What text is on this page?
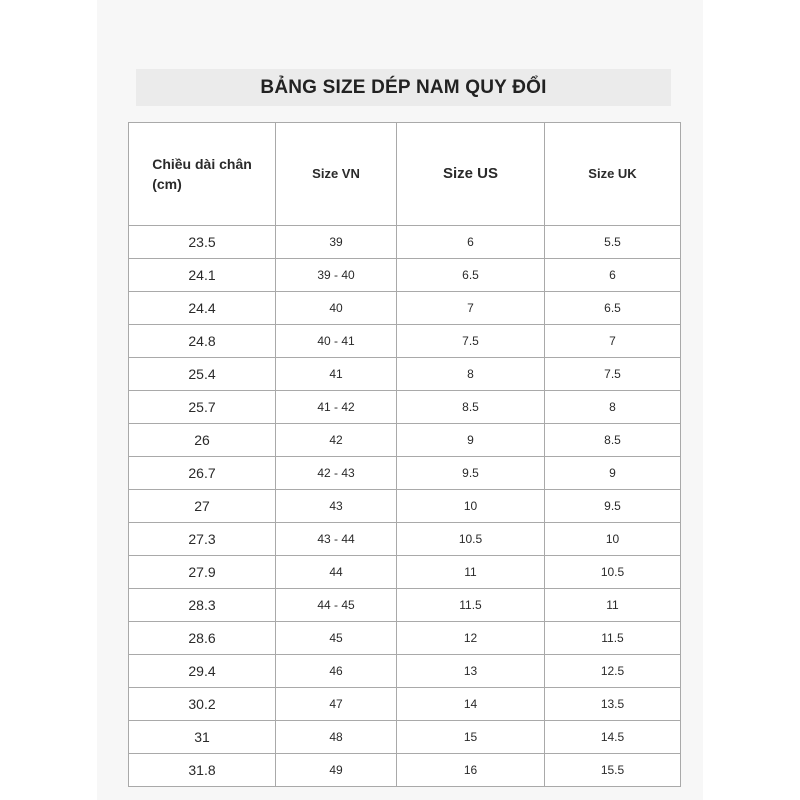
BẢNG SIZE DÉP NAM QUY ĐỔI
Chiều dài chân
(cm)	Size VN	Size US	Size UK
23.5	39	6	5.5
24.1	39 - 40	6.5	6
24.4	40	7	6.5
24.8	40 - 41	7.5	7
25.4	41	8	7.5
25.7	41 - 42	8.5	8
26	42	9	8.5
26.7	42 - 43	9.5	9
27	43	10	9.5
27.3	43 - 44	10.5	10
27.9	44	11	10.5
28.3	44 - 45	11.5	11
28.6	45	12	11.5
29.4	46	13	12.5
30.2	47	14	13.5
31	48	15	14.5
31.8	49	16	15.5
